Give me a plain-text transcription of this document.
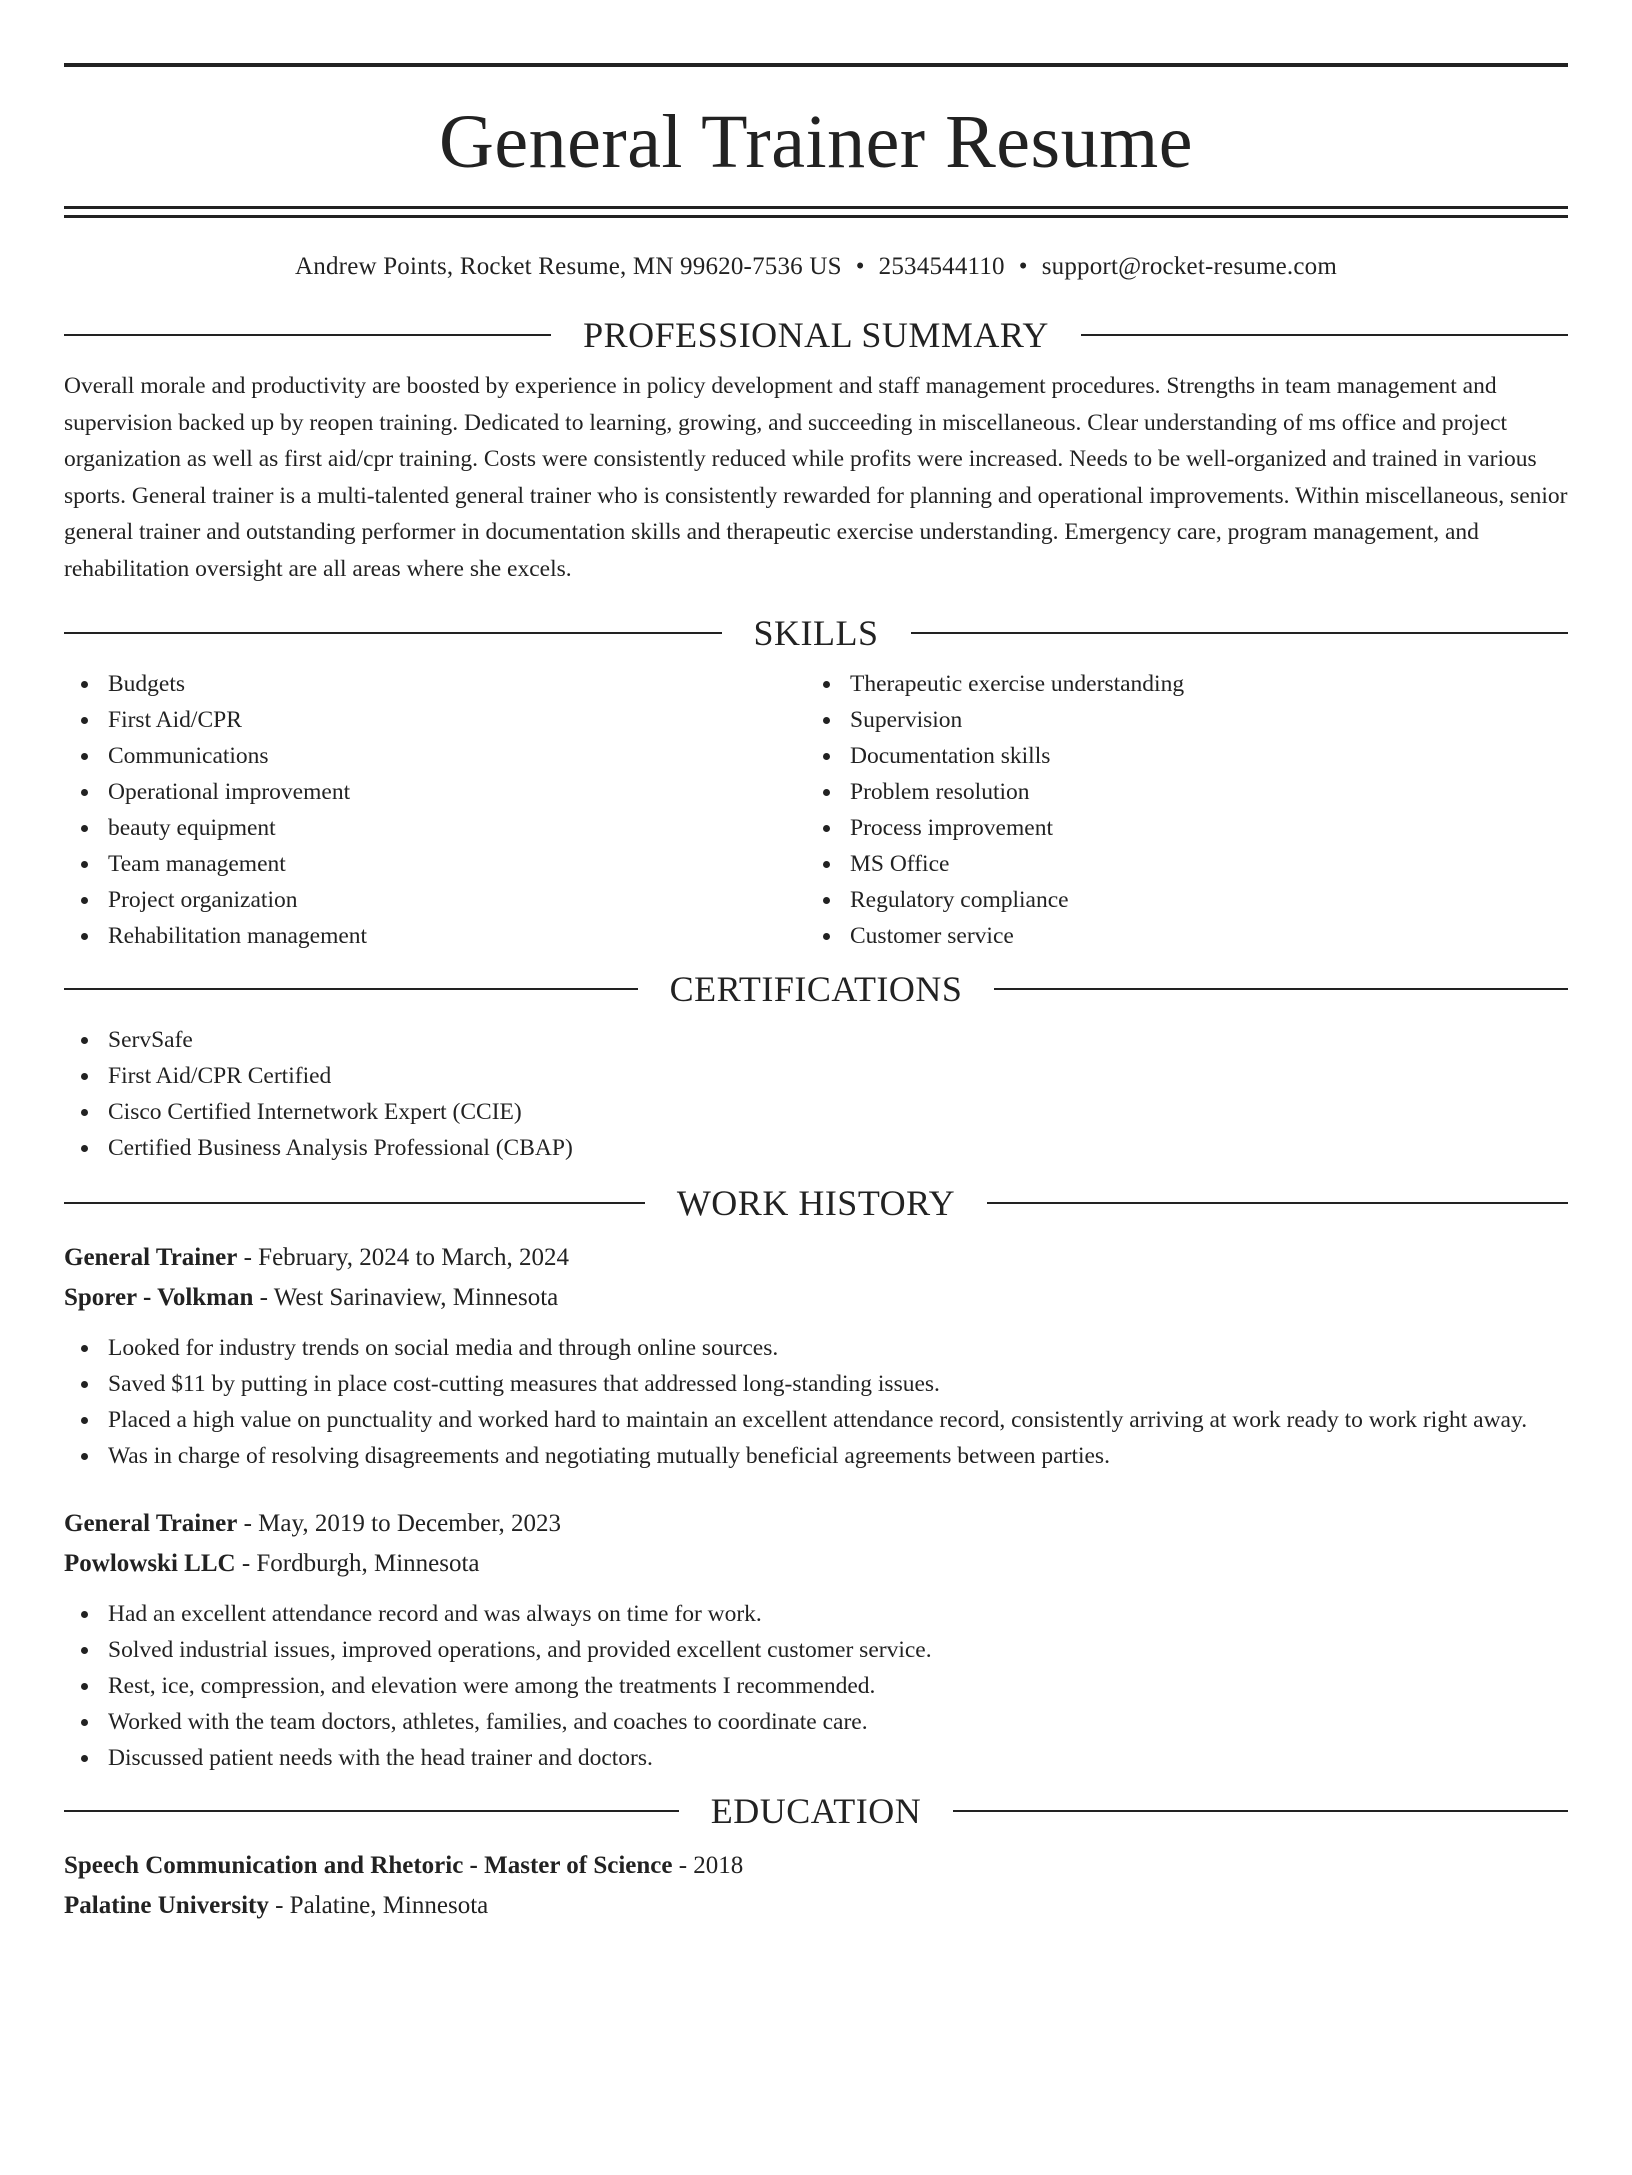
General Trainer Resume
Andrew Points, Rocket Resume, MN 99620-7536 US • 2534544110 • support@rocket-resume.com
PROFESSIONAL SUMMARY

Overall morale and productivity are boosted by experience in policy development and staff management procedures. Strengths in team management and supervision backed up by reopen training. Dedicated to learning, growing, and succeeding in miscellaneous. Clear understanding of ms office and project organization as well as first aid/cpr training. Costs were consistently reduced while profits were increased. Needs to be well-organized and trained in various sports. General trainer is a multi-talented general trainer who is consistently rewarded for planning and operational improvements. Within miscellaneous, senior general trainer and outstanding performer in documentation skills and therapeutic exercise understanding. Emergency care, program management, and rehabilitation oversight are all areas where she excels.

SKILLS
Budgets
First Aid/CPR
Communications
Operational improvement
beauty equipment
Team management
Project organization
Rehabilitation management
Therapeutic exercise understanding
Supervision
Documentation skills
Problem resolution
Process improvement
MS Office
Regulatory compliance
Customer service
CERTIFICATIONS
ServSafe
First Aid/CPR Certified
Cisco Certified Internetwork Expert (CCIE)
Certified Business Analysis Professional (CBAP)
WORK HISTORY
General Trainer - February, 2024 to March, 2024
Sporer - Volkman - West Sarinaview, Minnesota
Looked for industry trends on social media and through online sources.
Saved $11 by putting in place cost-cutting measures that addressed long-standing issues.
Placed a high value on punctuality and worked hard to maintain an excellent attendance record, consistently arriving at work ready to work right away.
Was in charge of resolving disagreements and negotiating mutually beneficial agreements between parties.
General Trainer - May, 2019 to December, 2023
Powlowski LLC - Fordburgh, Minnesota
Had an excellent attendance record and was always on time for work.
Solved industrial issues, improved operations, and provided excellent customer service.
Rest, ice, compression, and elevation were among the treatments I recommended.
Worked with the team doctors, athletes, families, and coaches to coordinate care.
Discussed patient needs with the head trainer and doctors.
EDUCATION
Speech Communication and Rhetoric - Master of Science - 2018
Palatine University - Palatine, Minnesota
